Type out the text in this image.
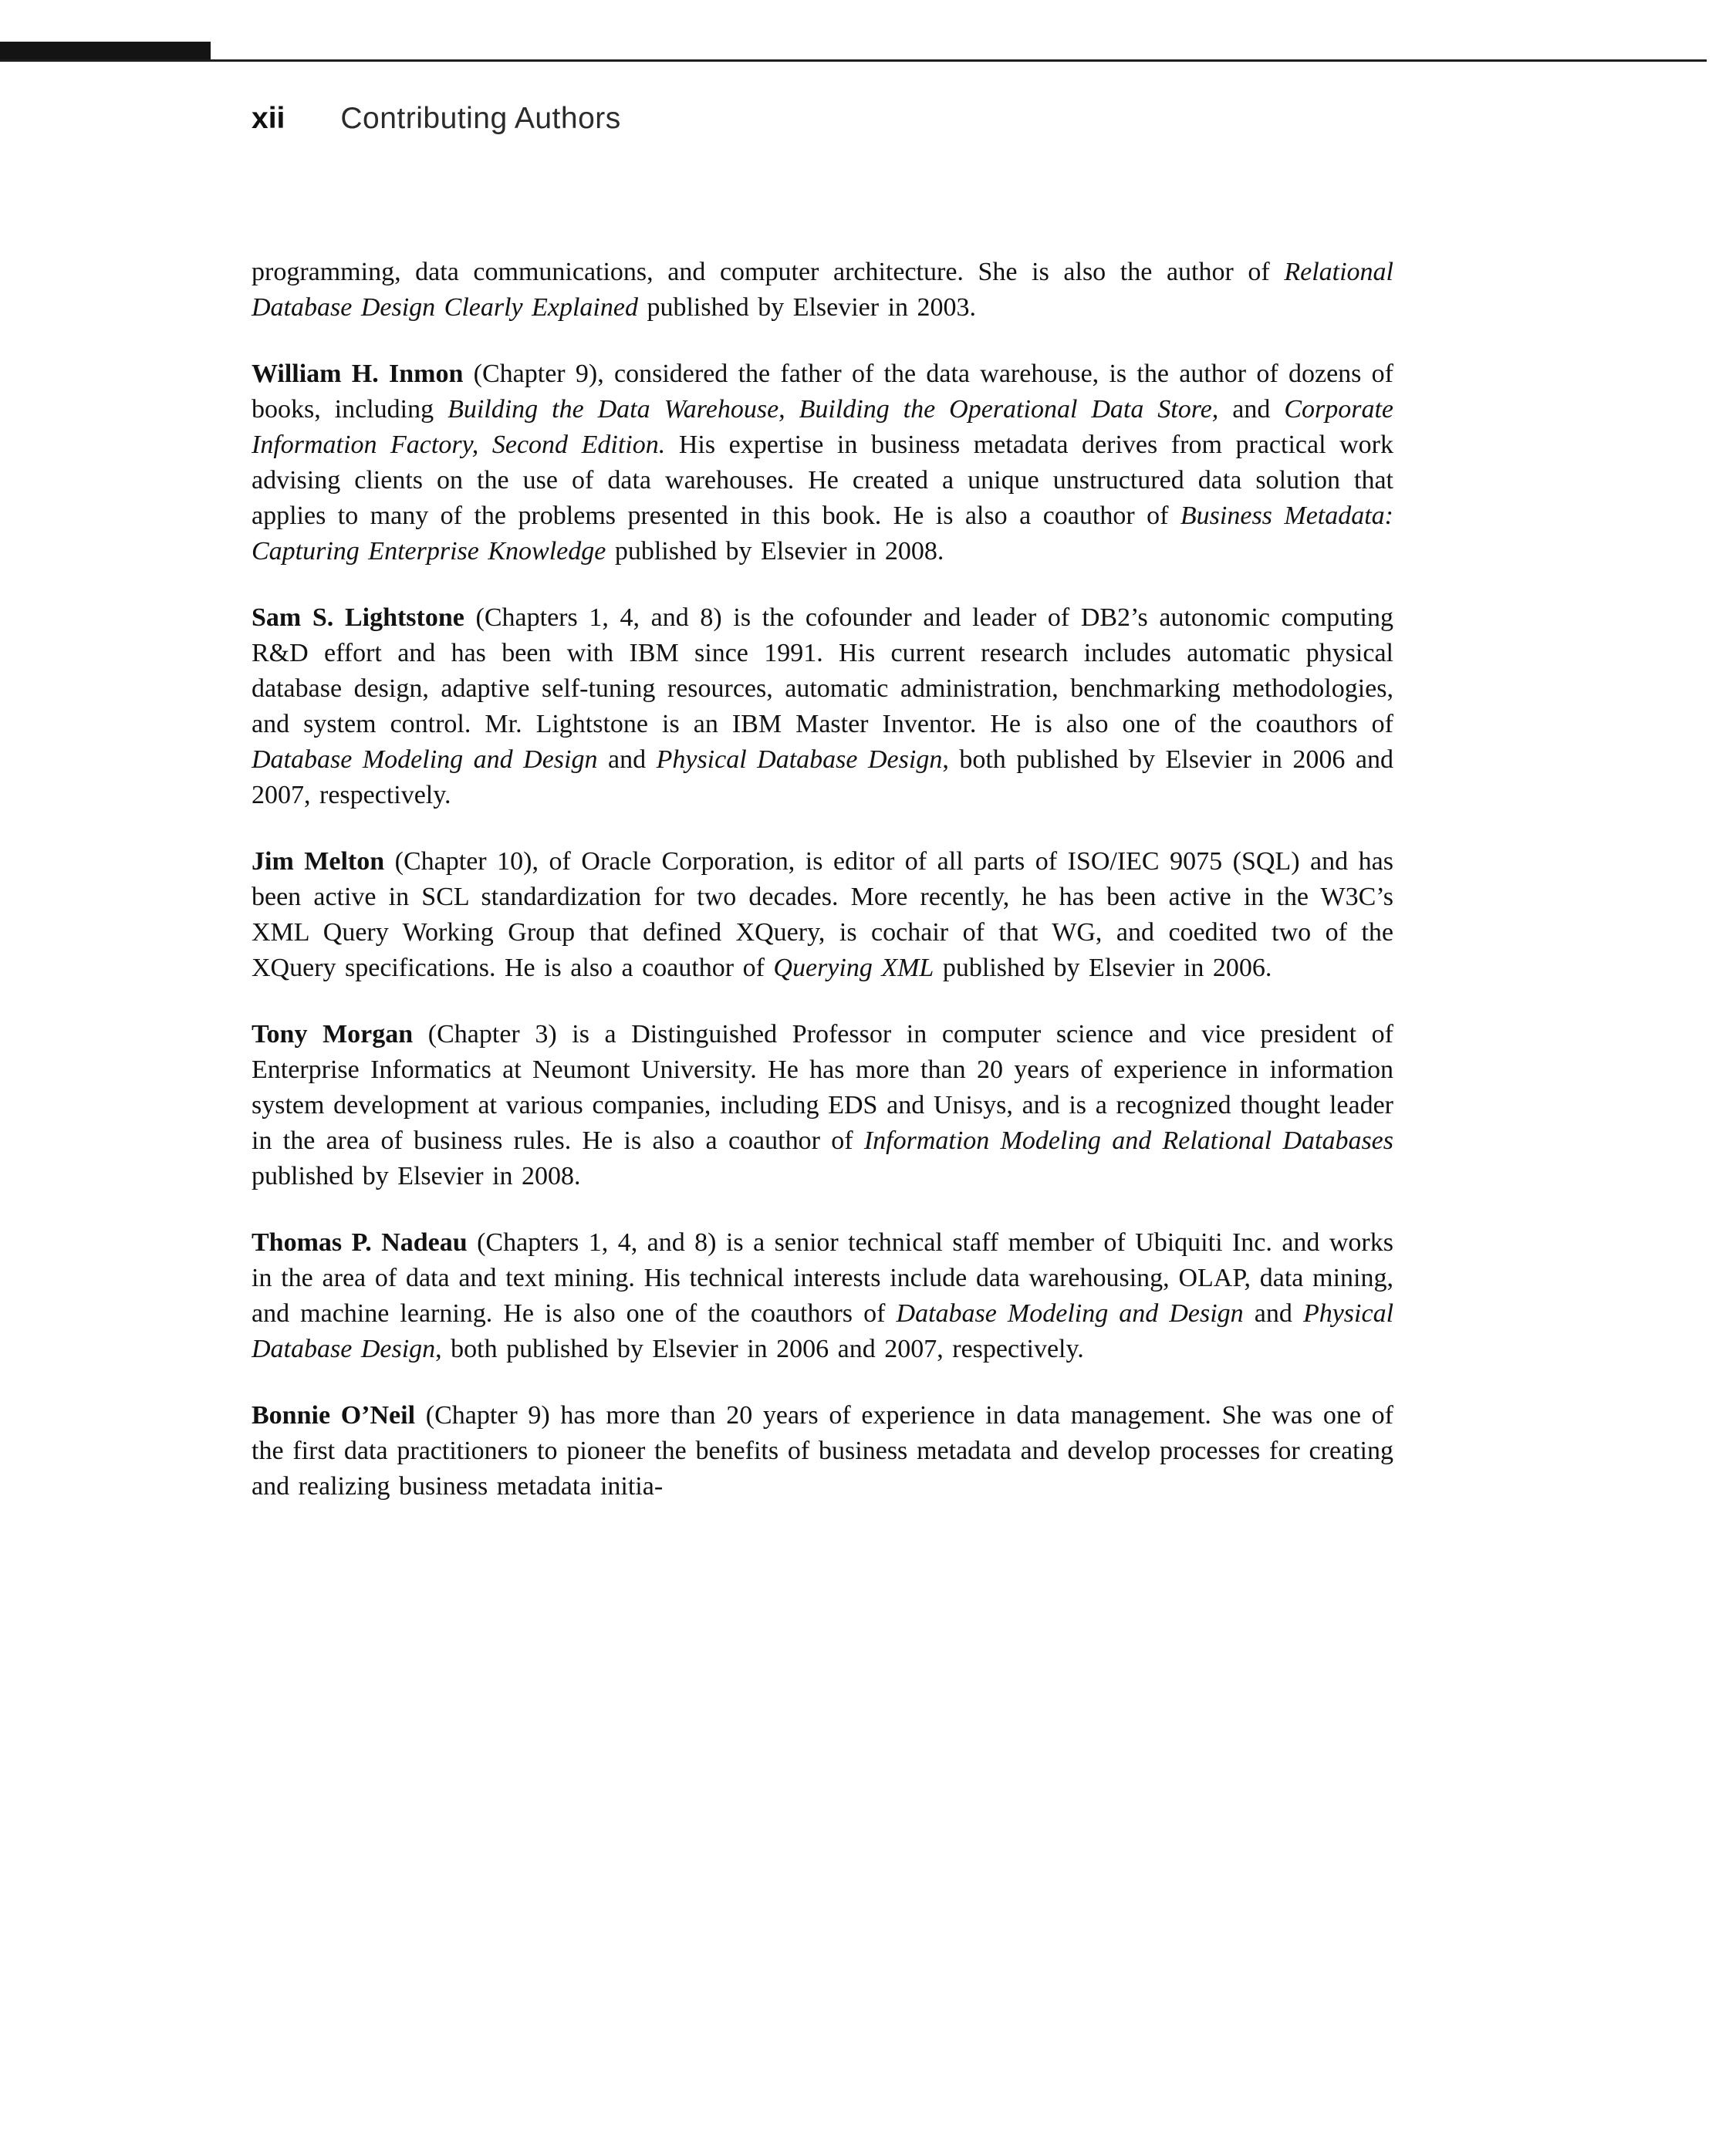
xii Contributing Authors

programming, data communications, and computer architecture. She is also the author of Relational Database Design Clearly Explained published by Elsevier in 2003.

William H. Inmon (Chapter 9), considered the father of the data warehouse, is the author of dozens of books, including Building the Data Warehouse, Building the Operational Data Store, and Corporate Information Factory, Second Edition. His expertise in business metadata derives from practical work advising clients on the use of data warehouses. He created a unique unstructured data solution that applies to many of the problems presented in this book. He is also a coauthor of Business Metadata: Capturing Enterprise Knowledge published by Elsevier in 2008.

Sam S. Lightstone (Chapters 1, 4, and 8) is the cofounder and leader of DB2’s autonomic computing R&D effort and has been with IBM since 1991. His current research includes automatic physical database design, adaptive self-tuning resources, automatic administration, benchmarking methodologies, and system control. Mr. Lightstone is an IBM Master Inventor. He is also one of the coauthors of Database Modeling and Design and Physical Database Design, both published by Elsevier in 2006 and 2007, respectively.

Jim Melton (Chapter 10), of Oracle Corporation, is editor of all parts of ISO/IEC 9075 (SQL) and has been active in SCL standardization for two decades. More recently, he has been active in the W3C’s XML Query Working Group that defined XQuery, is cochair of that WG, and coedited two of the XQuery specifications. He is also a coauthor of Querying XML published by Elsevier in 2006.

Tony Morgan (Chapter 3) is a Distinguished Professor in computer science and vice president of Enterprise Informatics at Neumont University. He has more than 20 years of experience in information system development at various companies, including EDS and Unisys, and is a recognized thought leader in the area of business rules. He is also a coauthor of Information Modeling and Relational Databases published by Elsevier in 2008.

Thomas P. Nadeau (Chapters 1, 4, and 8) is a senior technical staff member of Ubiquiti Inc. and works in the area of data and text mining. His technical interests include data warehousing, OLAP, data mining, and machine learning. He is also one of the coauthors of Database Modeling and Design and Physical Database Design, both published by Elsevier in 2006 and 2007, respectively.

Bonnie O’Neil (Chapter 9) has more than 20 years of experience in data management. She was one of the first data practitioners to pioneer the benefits of business metadata and develop processes for creating and realizing business metadata initia-
